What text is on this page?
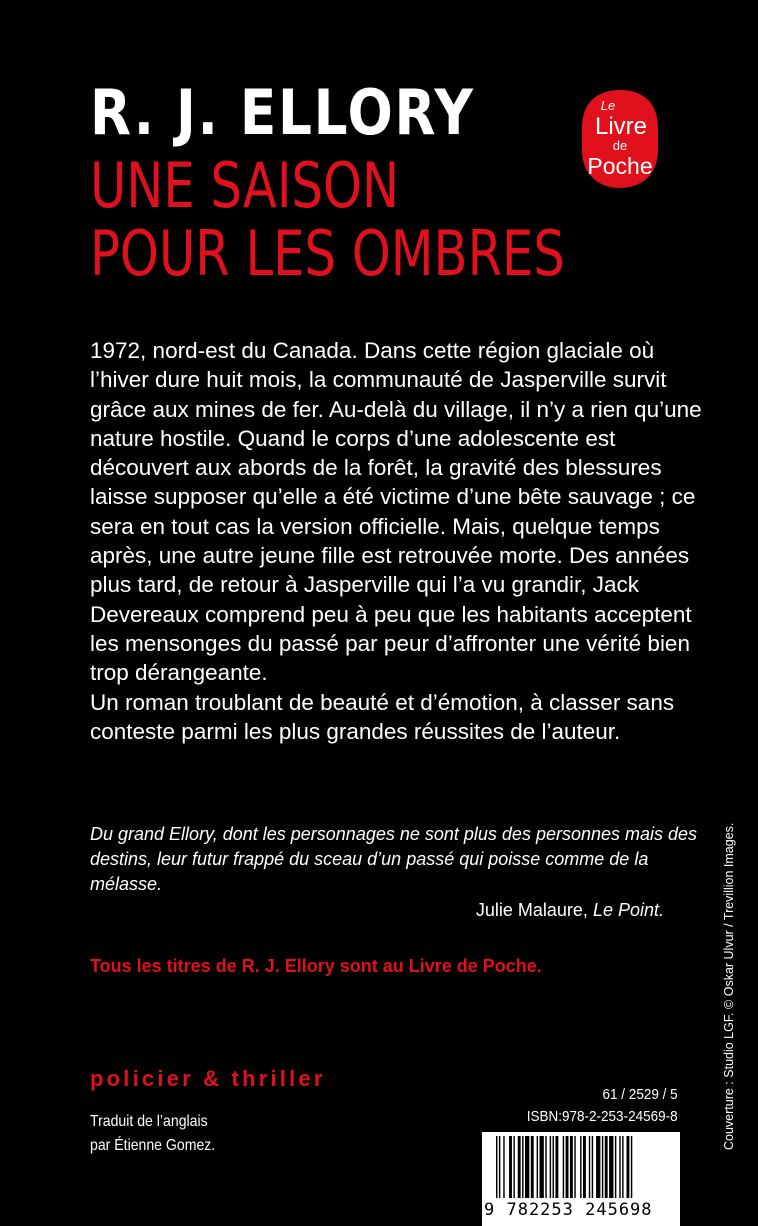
R. J. ELLORY
UNE SAISON
POUR LES OMBRES
Le
Livre
de
Poche

1972, nord-est du Canada. Dans cette région glaciale où l’hiver dure huit mois, la communauté de Jasperville survit grâce aux mines de fer. Au-delà du village, il n’y a rien qu’une nature hostile. Quand le corps d’une adolescente est découvert aux abords de la forêt, la gravité des blessures laisse supposer qu’elle a été victime d’une bête sauvage ; ce sera en tout cas la version officielle. Mais, quelque temps après, une autre jeune fille est retrouvée morte. Des années plus tard, de retour à Jasperville qui l’a vu grandir, Jack Devereaux comprend peu à peu que les habitants acceptent les mensonges du passé par peur d’affronter une vérité bien trop dérangeante.

Un roman troublant de beauté et d’émotion, à classer sans conteste parmi les plus grandes réussites de l’auteur.

Du grand Ellory, dont les personnages ne sont plus des personnes mais des destins, leur futur frappé du sceau d’un passé qui poisse comme de la mélasse.
Julie Malaure, Le Point.
Tous les titres de R. J. Ellory sont au Livre de Poche.
policier & thriller
Traduit de l’anglais
par Étienne Gomez.
61 / 2529 / 5
ISBN:978-2-253-24569-8
9 782253 245698
Couverture : Studio LGF. © Oskar Ulvur / Trevillion Images.
